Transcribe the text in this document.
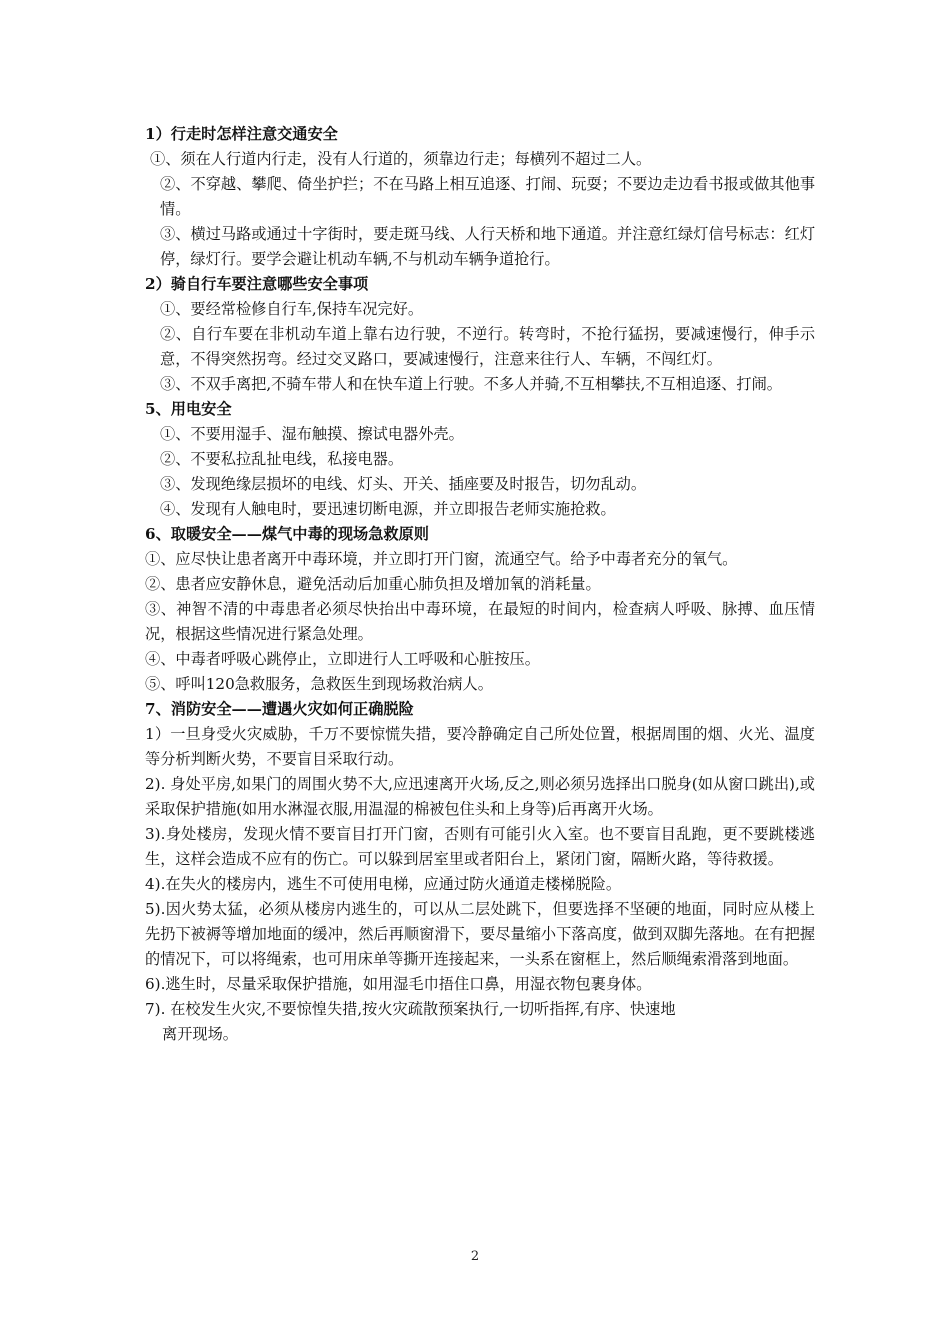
1）行走时怎样注意交通安全

①、须在人行道内行走，没有人行道的，须靠边行走；每横列不超过二人。

②、不穿越、攀爬、倚坐护拦；不在马路上相互追逐、打闹、玩耍；不要边走边看书报或做其他事情。

③、横过马路或通过十字街时，要走斑马线、人行天桥和地下通道。并注意红绿灯信号标志：红灯停，绿灯行。要学会避让机动车辆,不与机动车辆争道抢行。

2）骑自行车要注意哪些安全事项

①、要经常检修自行车,保持车况完好。

②、自行车要在非机动车道上靠右边行驶，不逆行。转弯时，不抢行猛拐，要减速慢行，伸手示意，不得突然拐弯。经过交叉路口，要减速慢行，注意来往行人、车辆，不闯红灯。

③、不双手离把,不骑车带人和在快车道上行驶。不多人并骑,不互相攀扶,不互相追逐、打闹。

5、用电安全

①、不要用湿手、湿布触摸、擦试电器外壳。

②、不要私拉乱扯电线，私接电器。

③、发现绝缘层损坏的电线、灯头、开关、插座要及时报告，切勿乱动。

④、发现有人触电时，要迅速切断电源，并立即报告老师实施抢救。

6、取暖安全——煤气中毒的现场急救原则

①、应尽快让患者离开中毒环境，并立即打开门窗，流通空气。给予中毒者充分的氧气。

②、患者应安静休息，避免活动后加重心肺负担及增加氧的消耗量。

③、神智不清的中毒患者必须尽快抬出中毒环境，在最短的时间内，检查病人呼吸、脉搏、血压情况，根据这些情况进行紧急处理。

④、中毒者呼吸心跳停止，立即进行人工呼吸和心脏按压。

⑤、呼叫120急救服务，急救医生到现场救治病人。

7、消防安全——遭遇火灾如何正确脱险

1）一旦身受火灾威胁，千万不要惊慌失措，要冷静确定自己所处位置，根据周围的烟、火光、温度等分析判断火势，不要盲目采取行动。

2). 身处平房,如果门的周围火势不大,应迅速离开火场,反之,则必须另选择出口脱身(如从窗口跳出),或采取保护措施(如用水淋湿衣服,用温湿的棉被包住头和上身等)后再离开火场。

3).身处楼房，发现火情不要盲目打开门窗，否则有可能引火入室。也不要盲目乱跑，更不要跳楼逃生，这样会造成不应有的伤亡。可以躲到居室里或者阳台上，紧闭门窗，隔断火路，等待救援。

4).在失火的楼房内，逃生不可使用电梯，应通过防火通道走楼梯脱险。

5).因火势太猛，必须从楼房内逃生的，可以从二层处跳下，但要选择不坚硬的地面，同时应从楼上先扔下被褥等增加地面的缓冲，然后再顺窗滑下，要尽量缩小下落高度，做到双脚先落地。在有把握的情况下，可以将绳索，也可用床单等撕开连接起来，一头系在窗框上，然后顺绳索滑落到地面。

6).逃生时，尽量采取保护措施，如用湿毛巾捂住口鼻，用湿衣物包裹身体。

7). 在校发生火灾,不要惊惶失措,按火灾疏散预案执行,一切听指挥,有序、快速地

离开现场。

2
